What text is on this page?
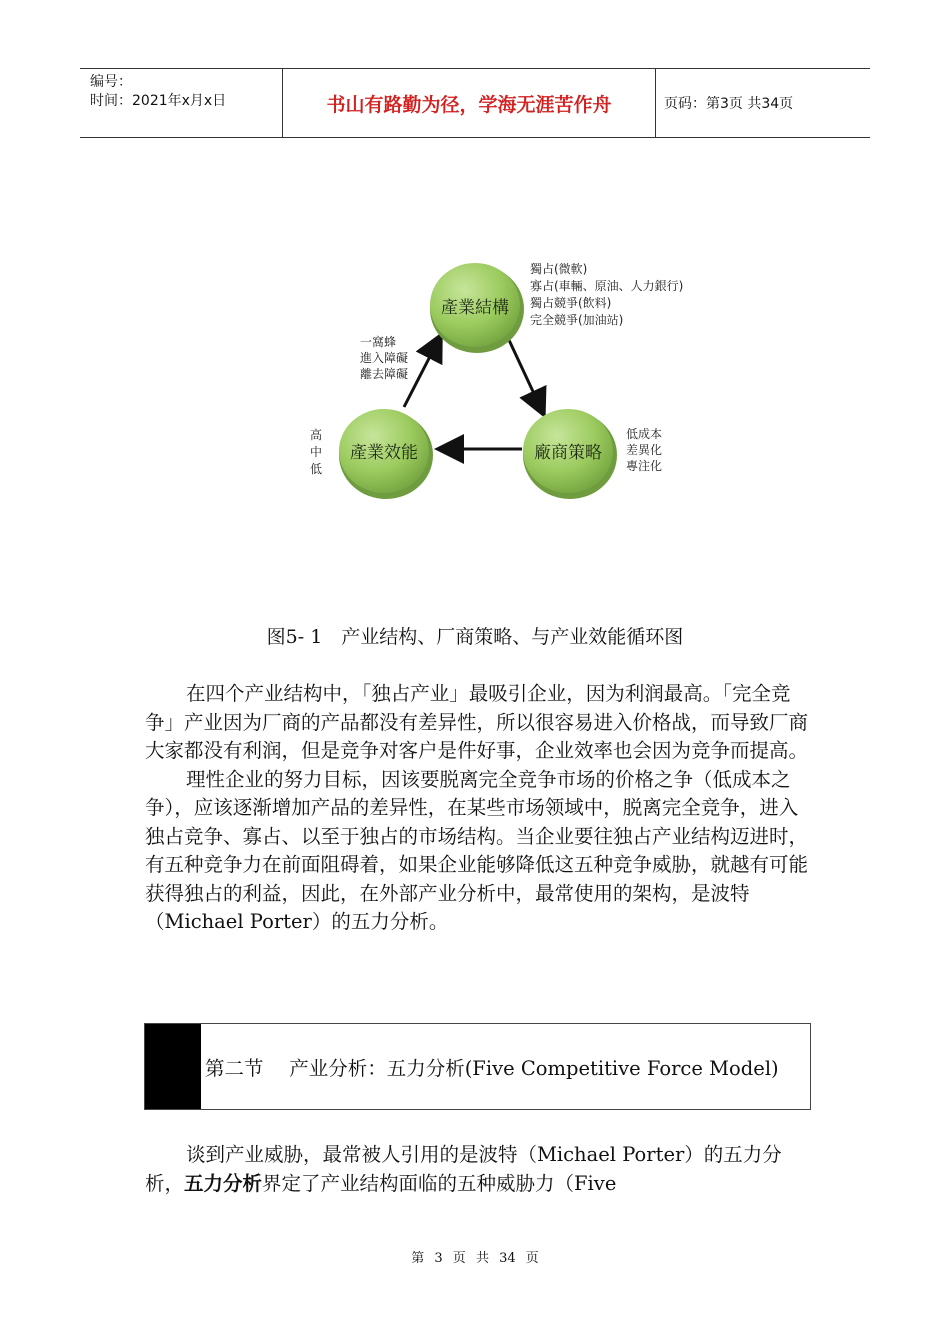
编号：
时间：2021年x月x日	书山有路勤为径，学海无涯苦作舟	页码：第3页 共34页
產業結構
廠商策略
產業效能
獨占(微軟)
寡占(車輛、原油、人力銀行)
獨占競爭(飲料)
完全競爭(加油站)
一窩蜂
進入障礙
離去障礙
低成本
差異化
專注化
高
中
低
图5- 1　产业结构、厂商策略、与产业效能循环图

在四个产业结构中，「独占产业」最吸引企业，因为利润最高。「完全竞争」产业因为厂商的产品都没有差异性，所以很容易进入价格战，而导致厂商大家都没有利润，但是竞争对客户是件好事，企业效率也会因为竞争而提高。

理性企业的努力目标，因该要脱离完全竞争市场的价格之争（低成本之争），应该逐渐增加产品的差异性，在某些市场领域中，脱离完全竞争，进入独占竞争、寡占、以至于独占的市场结构。当企业要往独占产业结构迈进时，有五种竞争力在前面阻碍着，如果企业能够降低这五种竞争威胁，就越有可能获得独占的利益，因此，在外部产业分析中，最常使用的架构，是波特（Michael Porter）的五力分析。

第二节　 产业分析：五力分析(Five Competitive Force Model)

谈到产业威胁，最常被人引用的是波特（Michael Porter）的五力分析，五力分析界定了产业结构面临的五种威胁力（Five

第 3 页 共 34 页
